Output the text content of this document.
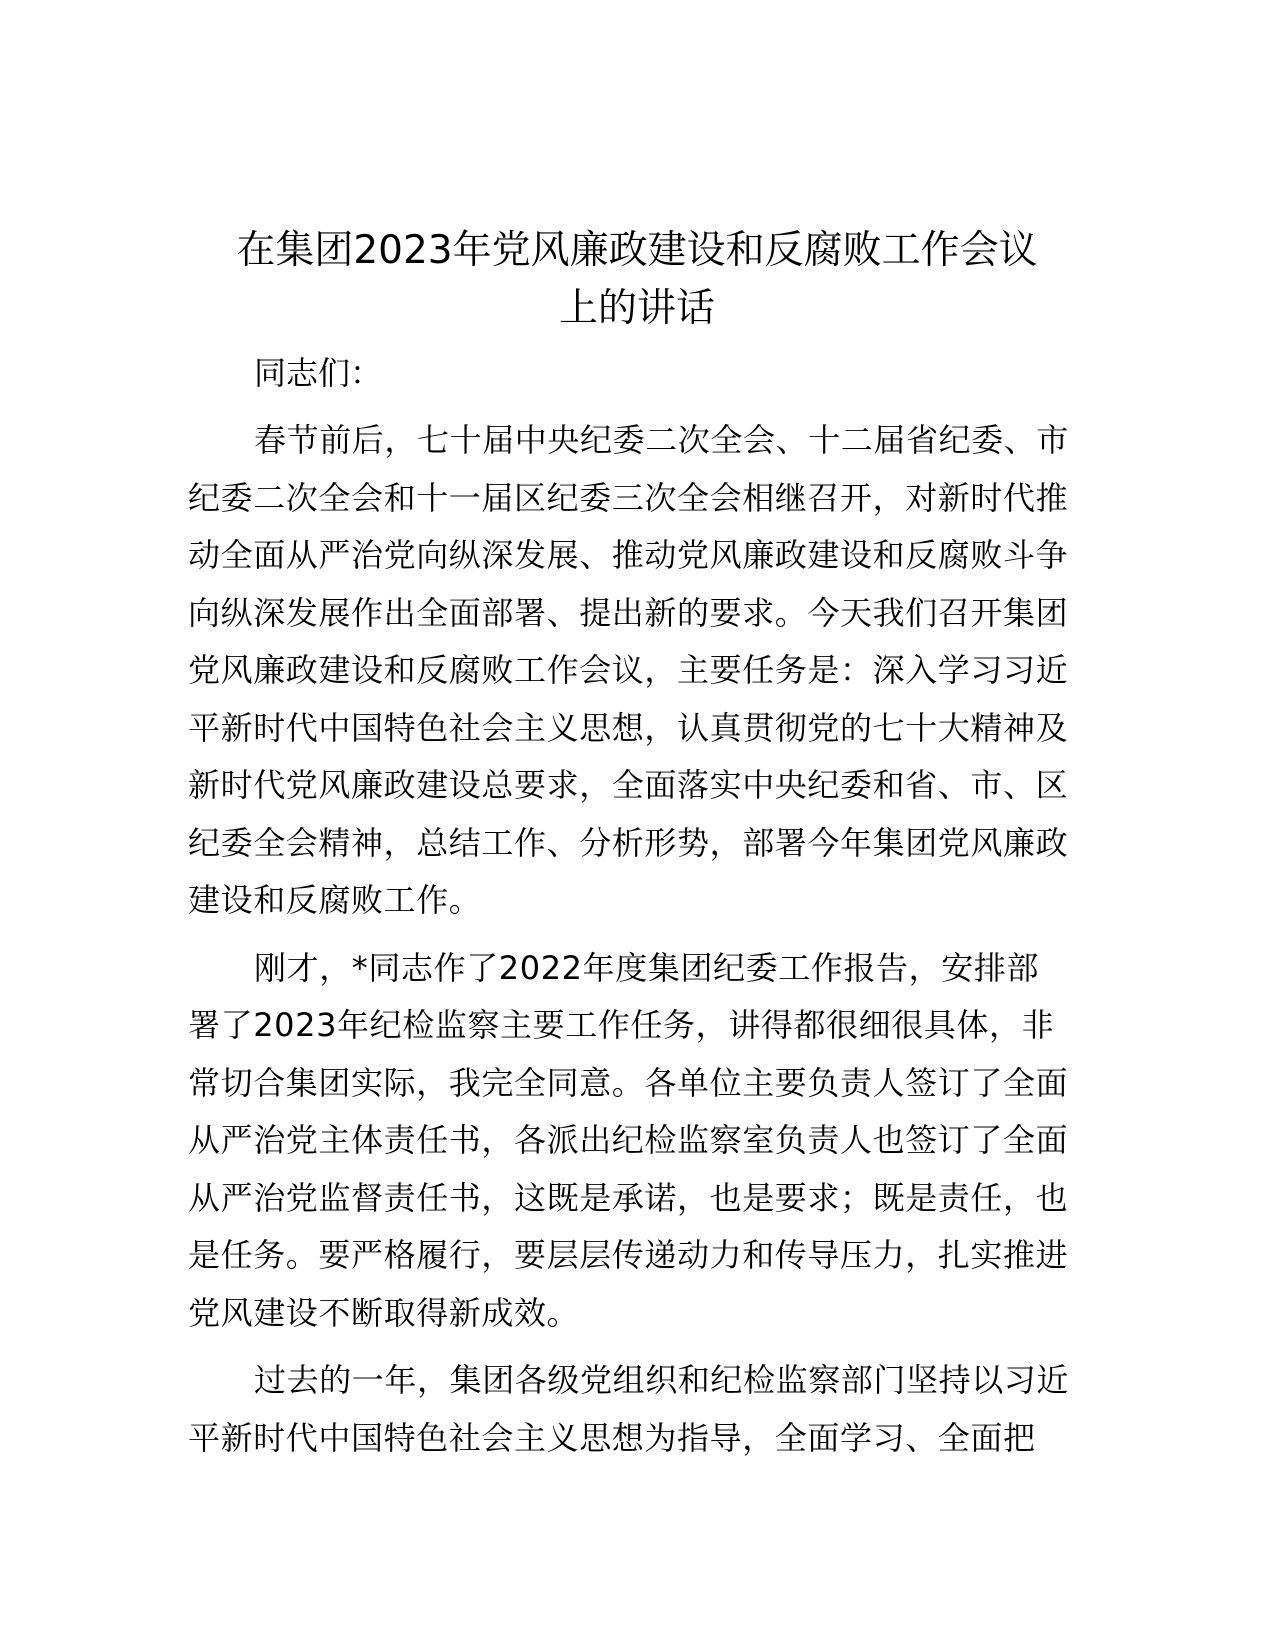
在集团2023年党风廉政建设和反腐败工作会议
上的讲话

同志们：

春节前后，七十届中央纪委二次全会、十二届省纪委、市
纪委二次全会和十一届区纪委三次全会相继召开，对新时代推
动全面从严治党向纵深发展、推动党风廉政建设和反腐败斗争
向纵深发展作出全面部署、提出新的要求。今天我们召开集团
党风廉政建设和反腐败工作会议，主要任务是：深入学习习近
平新时代中国特色社会主义思想，认真贯彻党的七十大精神及
新时代党风廉政建设总要求，全面落实中央纪委和省、市、区
纪委全会精神，总结工作、分析形势，部署今年集团党风廉政
建设和反腐败工作。
刚才，*同志作了2022年度集团纪委工作报告，安排部
署了2023年纪检监察主要工作任务，讲得都很细很具体，非
常切合集团实际，我完全同意。各单位主要负责人签订了全面
从严治党主体责任书，各派出纪检监察室负责人也签订了全面
从严治党监督责任书，这既是承诺，也是要求；既是责任，也
是任务。要严格履行，要层层传递动力和传导压力，扎实推进
党风建设不断取得新成效。
过去的一年，集团各级党组织和纪检监察部门坚持以习近
平新时代中国特色社会主义思想为指导，全面学习、全面把
